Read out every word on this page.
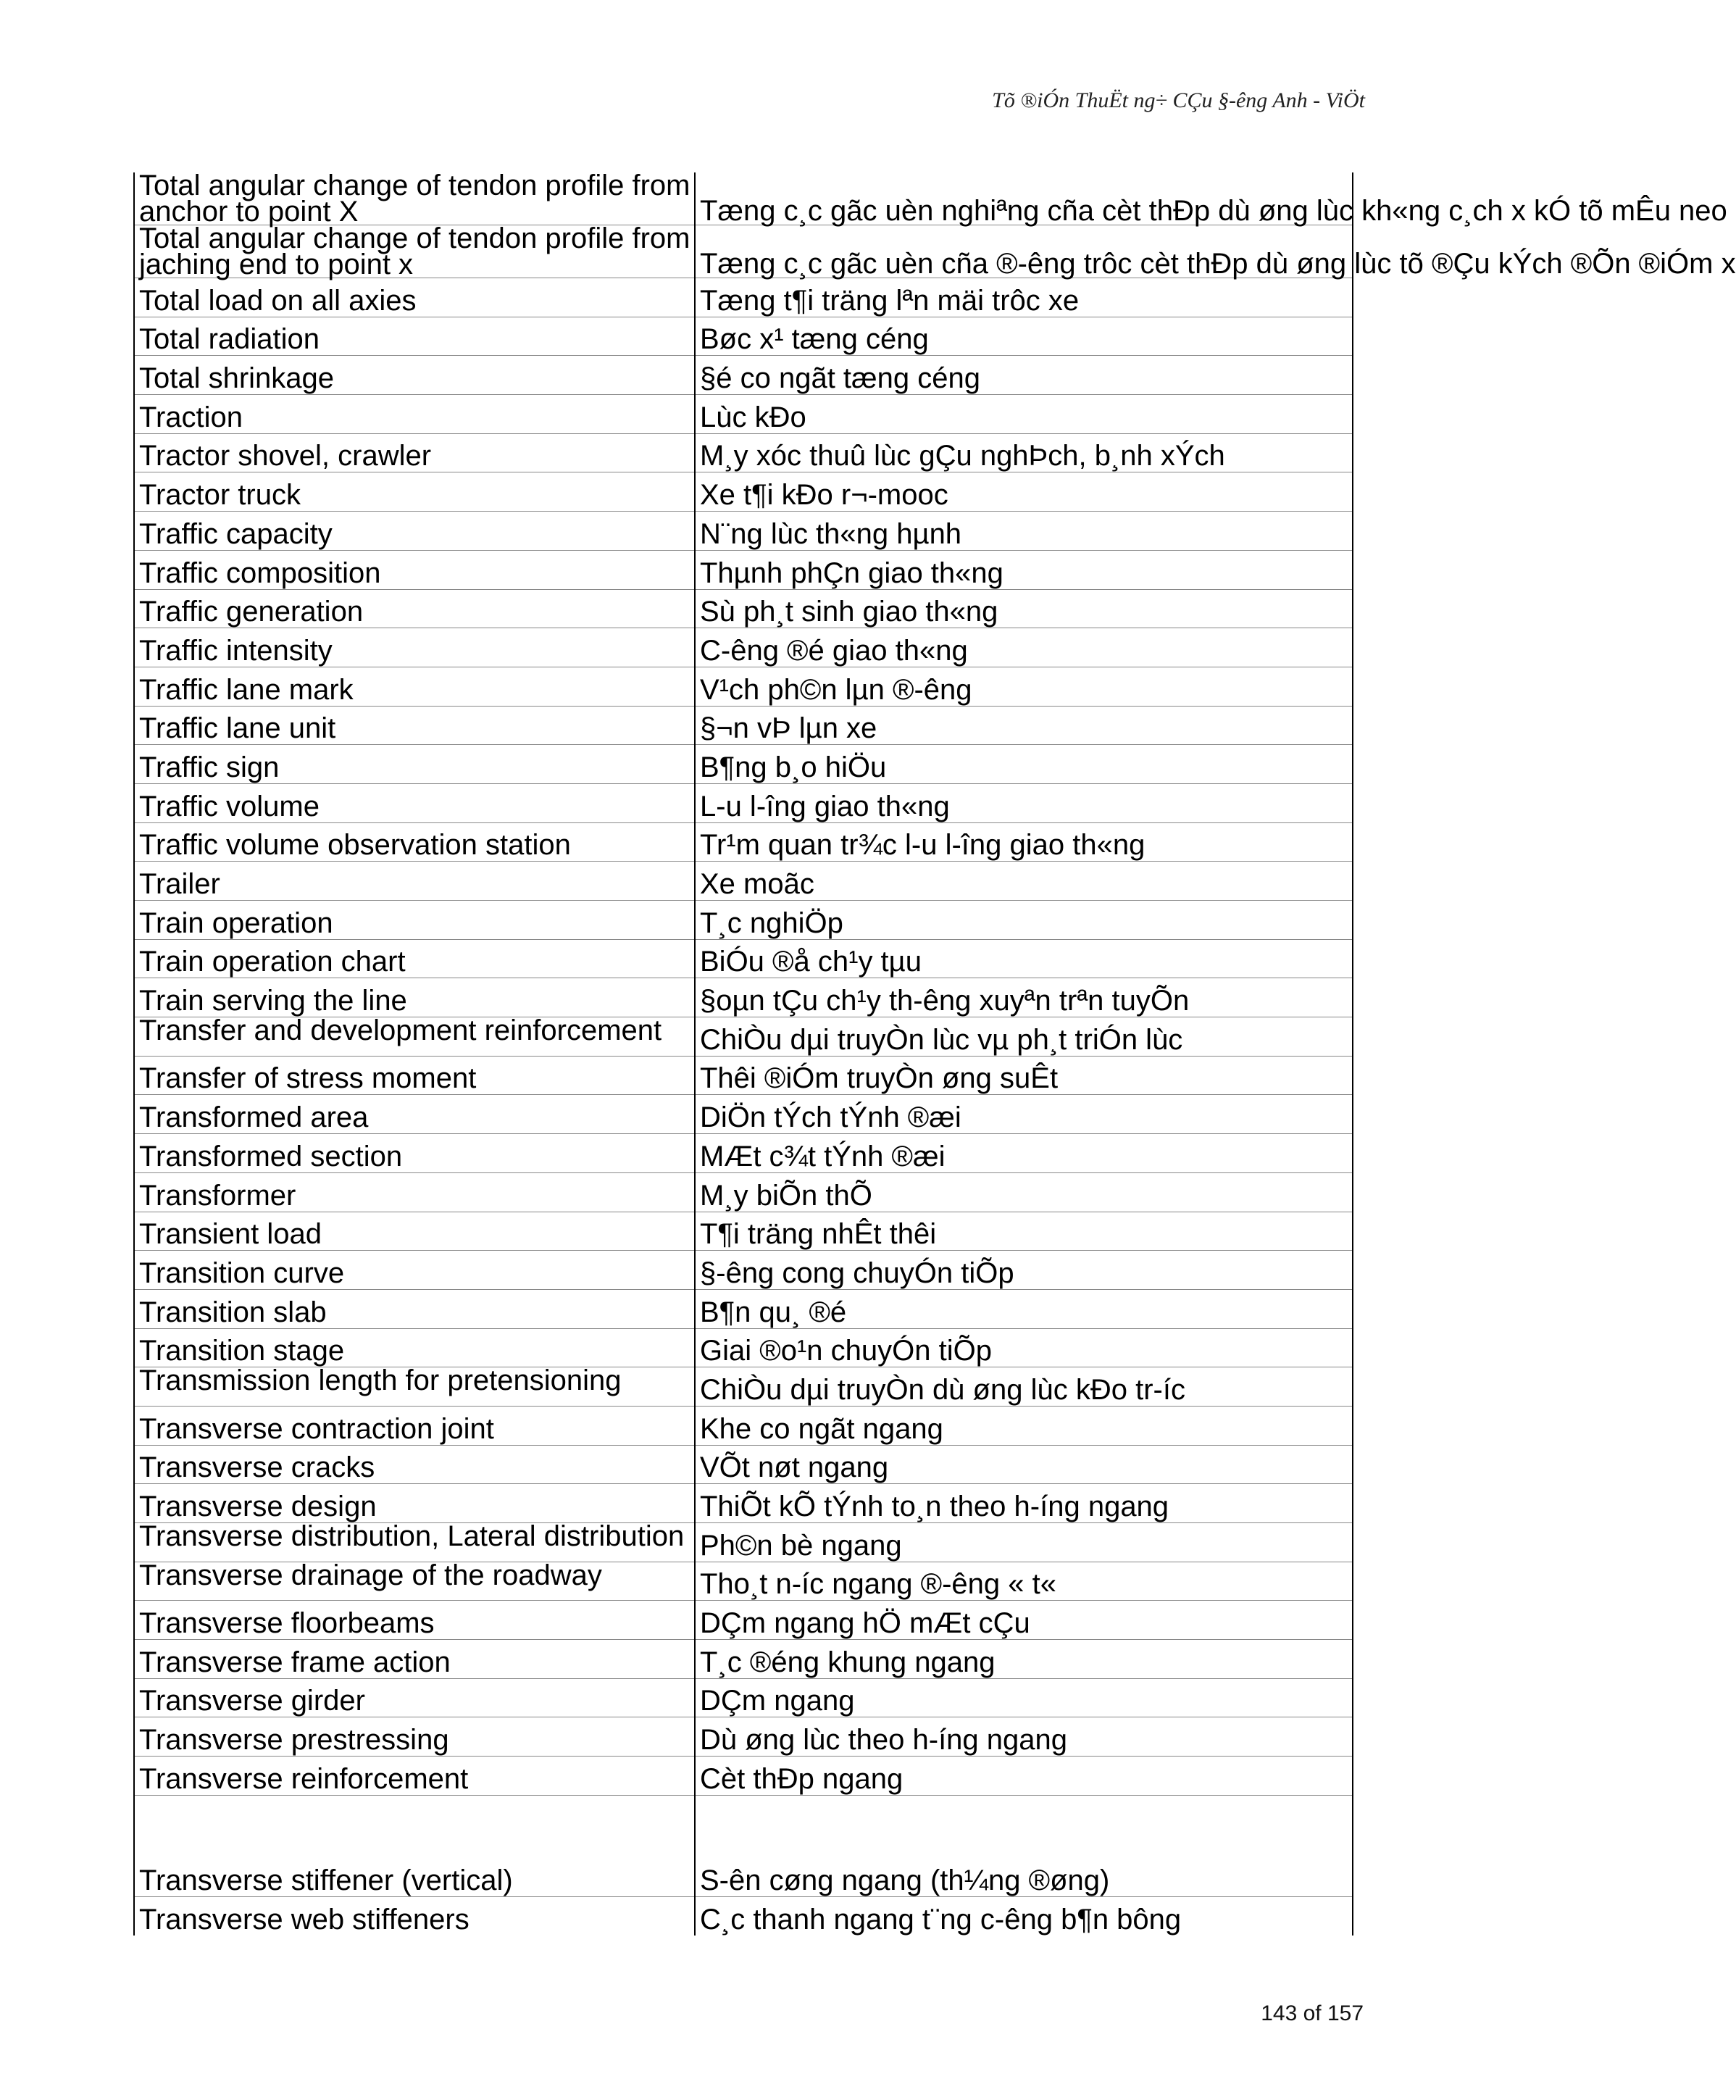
Tõ ®iÓn ThuËt ng÷ CÇu §-êng Anh - ViÖt
Total angular change of tendon profile from anchor to point X	Tæng c¸c gãc uèn nghiªng cña cèt thÐp dù øng lùc kh«ng c¸ch x kÓ tõ mÊu neo
Total angular change of tendon profile from jaching end to point x	Tæng c¸c gãc uèn cña ®-êng trôc cèt thÐp dù øng lùc tõ ®Çu kÝch ®Õn ®iÓm x
Total load on all axies	Tæng t¶i träng lªn mäi trôc xe
Total radiation	Bøc x¹ tæng céng
Total shrinkage	§é co ngãt tæng céng
Traction	Lùc kÐo
Tractor shovel, crawler	M¸y xóc thuû lùc gÇu nghÞch, b¸nh xÝch
Tractor truck	Xe t¶i kÐo r¬-mooc
Traffic capacity	N¨ng lùc th«ng hµnh
Traffic composition	Thµnh phÇn giao th«ng
Traffic generation	Sù ph¸t sinh giao th«ng
Traffic intensity	C-êng ®é giao th«ng
Traffic lane mark	V¹ch ph©n lµn ®-êng
Traffic lane unit	§¬n vÞ lµn xe
Traffic sign	B¶ng b¸o hiÖu
Traffic volume	L-u l-îng giao th«ng
Traffic volume observation station	Tr¹m quan tr¾c l-u l-îng giao th«ng
Trailer	Xe moãc
Train operation	T¸c nghiÖp
Train operation chart	BiÓu ®å ch¹y tµu
Train serving the line	§oµn tÇu ch¹y th-êng xuyªn trªn tuyÕn
Transfer and development reinforcement	ChiÒu dµi truyÒn lùc vµ ph¸t triÓn lùc
Transfer of stress moment	Thêi ®iÓm truyÒn øng suÊt
Transformed area	DiÖn tÝch tÝnh ®æi
Transformed section	MÆt c¾t tÝnh ®æi
Transformer	M¸y biÕn thÕ
Transient load	T¶i träng nhÊt thêi
Transition curve	§-êng cong chuyÓn tiÕp
Transition slab	B¶n qu¸ ®é
Transition stage	Giai ®o¹n chuyÓn tiÕp
Transmission length for pretensioning	ChiÒu dµi truyÒn dù øng lùc kÐo tr-íc
Transverse contraction joint	Khe co ngãt ngang
Transverse cracks	VÕt nøt ngang
Transverse design	ThiÕt kÕ tÝnh to¸n theo h-íng ngang
Transverse distribution, Lateral distribution	Ph©n bè ngang
Transverse drainage of the roadway	Tho¸t n-íc ngang ®-êng « t«
Transverse floorbeams	DÇm ngang hÖ mÆt cÇu
Transverse frame action	T¸c ®éng khung ngang
Transverse girder	DÇm ngang
Transverse prestressing	Dù øng lùc theo h-íng ngang
Transverse reinforcement	Cèt thÐp ngang
Transverse stiffener (vertical)	S-ên cøng ngang (th¼ng ®øng)
Transverse web stiffeners	C¸c thanh ngang t¨ng c-êng b¶n bông
143 of 157
